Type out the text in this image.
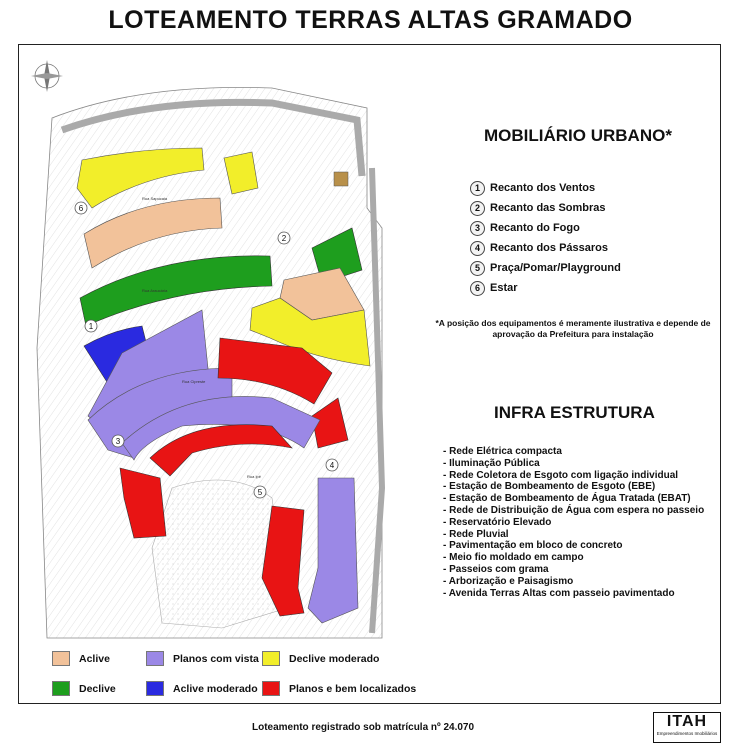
LOTEAMENTO TERRAS ALTAS GRAMADO
Rua Sapucaia
Rua Araucária
Rua Cipreste
Rua Ipê
1
2
3
4
5
6
MOBILIÁRIO URBANO*
1 Recanto dos Ventos
2 Recanto das Sombras
3 Recanto do Fogo
4 Recanto dos Pássaros
5 Praça/Pomar/Playground
6 Estar
*A posição dos equipamentos é meramente ilustrativa e depende de aprovação da Prefeitura para instalação
INFRA ESTRUTURA
- Rede Elétrica compacta
- Iluminação Pública
- Rede Coletora de Esgoto com ligação individual
- Estação de Bombeamento de Esgoto (EBE)
- Estação de Bombeamento de Água Tratada (EBAT)
- Rede de Distribuição de Água com espera no passeio
- Reservatório Elevado
- Rede Pluvial
- Pavimentação em bloco de concreto
- Meio fio moldado em campo
- Passeios com grama
- Arborização e Paisagismo
- Avenida Terras Altas com passeio pavimentado
Aclive	Planos com vista	Declive moderado
Declive	Aclive moderado	Planos e bem localizados
Loteamento registrado sob matrícula nº 24.070	ITAH
Empreendimentos Imobiliários
